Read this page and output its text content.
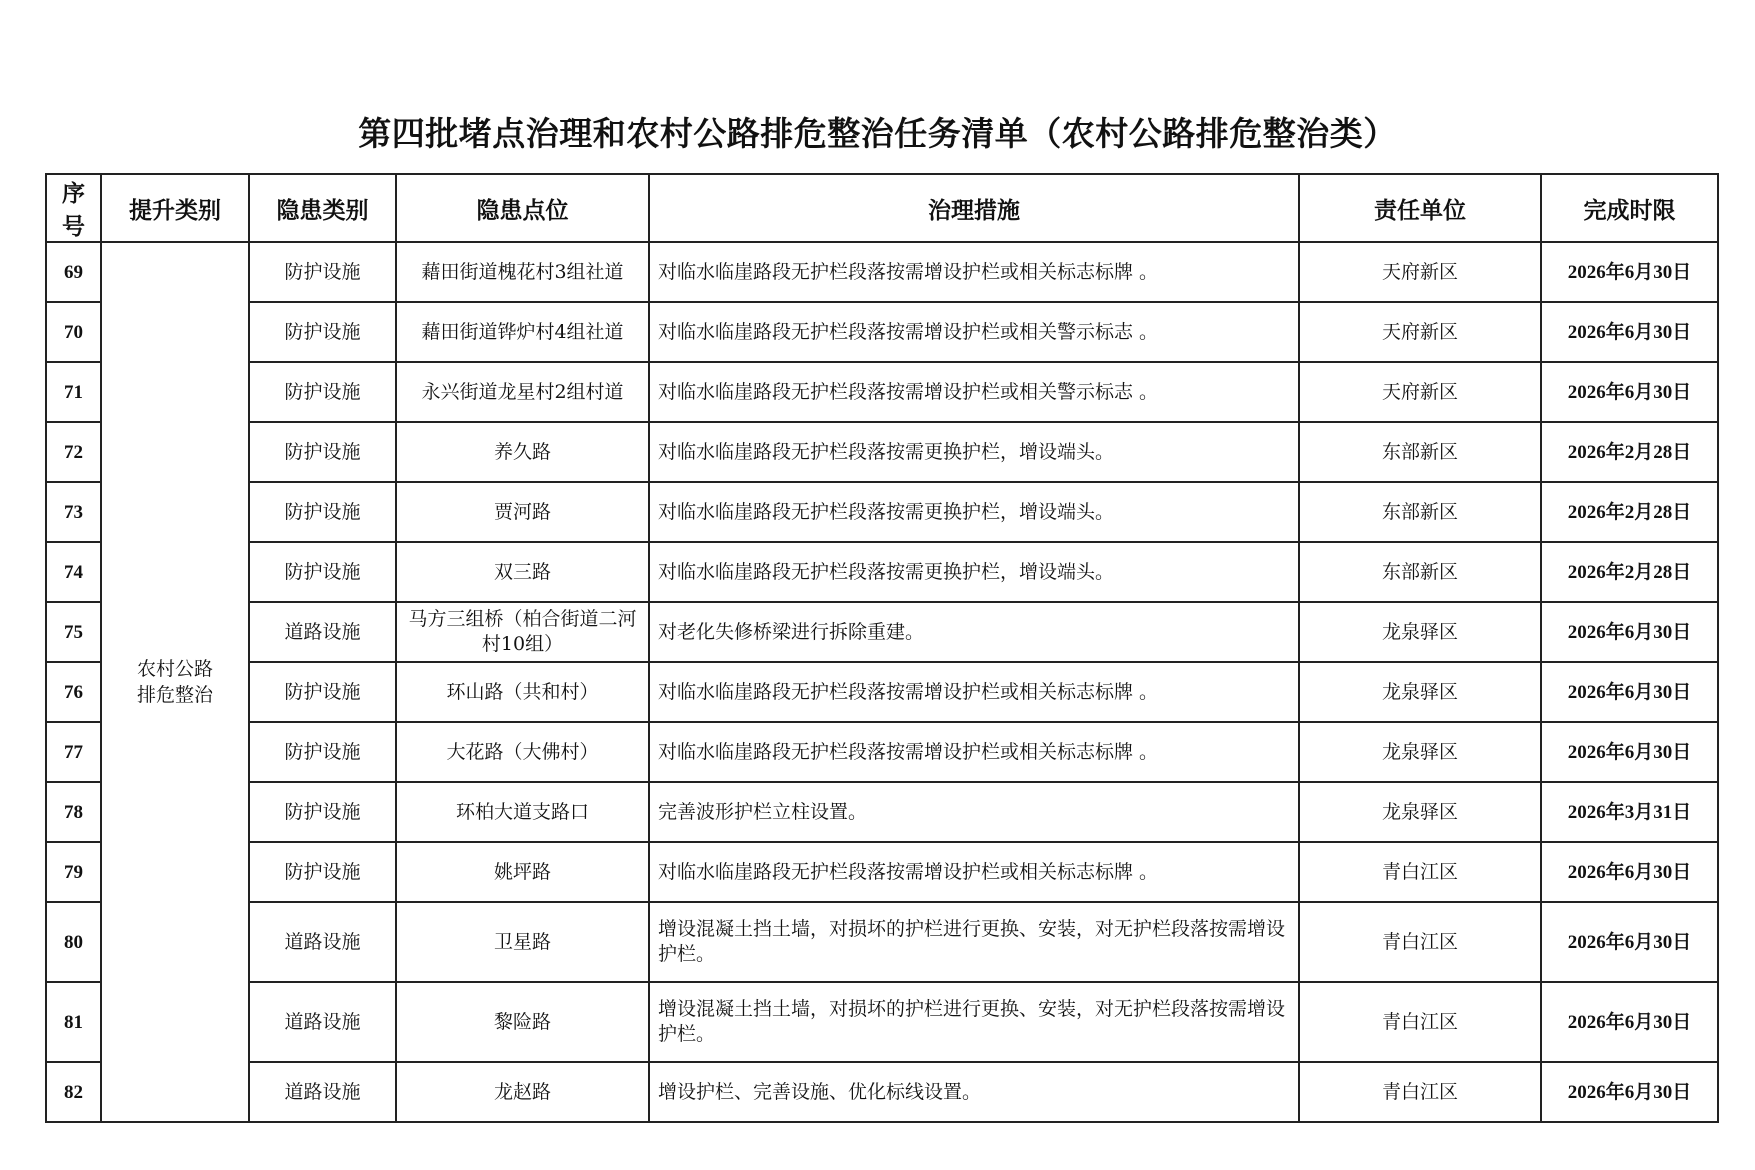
第四批堵点治理和农村公路排危整治任务清单（农村公路排危整治类）
序号	提升类别	隐患类别	隐患点位	治理措施	责任单位	完成时限
69	农村公路排危整治	防护设施	藉田街道槐花村3组社道	对临水临崖路段无护栏段落按需增设护栏或相关标志标牌 。	天府新区	2026年6月30日
70		防护设施	藉田街道铧炉村4组社道	对临水临崖路段无护栏段落按需增设护栏或相关警示标志 。	天府新区	2026年6月30日
71		防护设施	永兴街道龙星村2组村道	对临水临崖路段无护栏段落按需增设护栏或相关警示标志 。	天府新区	2026年6月30日
72		防护设施	养久路	对临水临崖路段无护栏段落按需更换护栏，增设端头。	东部新区	2026年2月28日
73		防护设施	贾河路	对临水临崖路段无护栏段落按需更换护栏，增设端头。	东部新区	2026年2月28日
74		防护设施	双三路	对临水临崖路段无护栏段落按需更换护栏，增设端头。	东部新区	2026年2月28日
75		道路设施	马方三组桥（柏合街道二河村10组）	对老化失修桥梁进行拆除重建。	龙泉驿区	2026年6月30日
76		防护设施	环山路（共和村）	对临水临崖路段无护栏段落按需增设护栏或相关标志标牌 。	龙泉驿区	2026年6月30日
77		防护设施	大花路（大佛村）	对临水临崖路段无护栏段落按需增设护栏或相关标志标牌 。	龙泉驿区	2026年6月30日
78		防护设施	环柏大道支路口	完善波形护栏立柱设置。	龙泉驿区	2026年3月31日
79		防护设施	姚坪路	对临水临崖路段无护栏段落按需增设护栏或相关标志标牌 。	青白江区	2026年6月30日
80		道路设施	卫星路	增设混凝土挡土墙，对损坏的护栏进行更换、安装，对无护栏段落按需增设护栏。	青白江区	2026年6月30日
81		道路设施	黎险路	增设混凝土挡土墙，对损坏的护栏进行更换、安装，对无护栏段落按需增设护栏。	青白江区	2026年6月30日
82		道路设施	龙赵路	增设护栏、完善设施、优化标线设置。	青白江区	2026年6月30日
